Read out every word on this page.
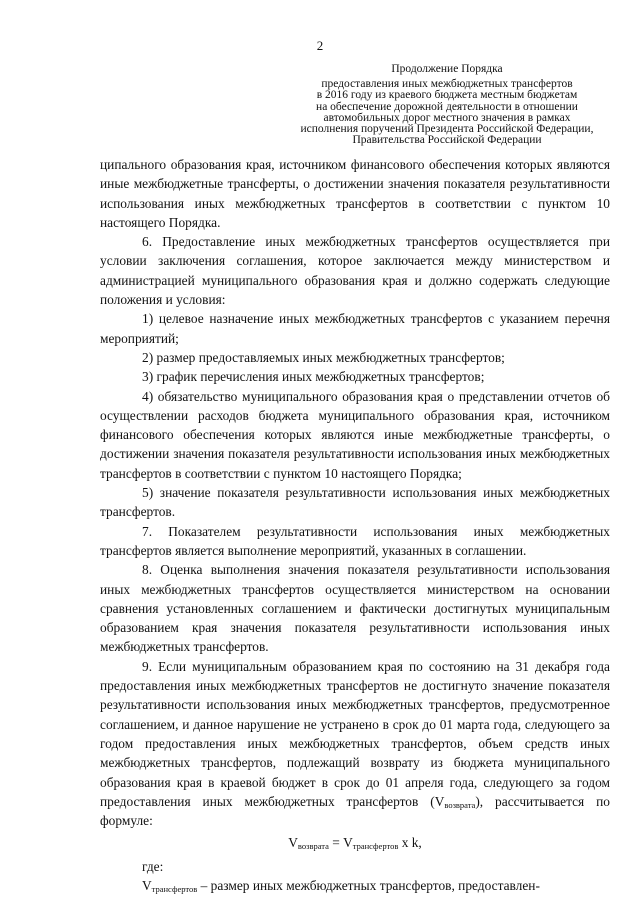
2
Продолжение Порядка
предоставления иных межбюджетных трансфертов
в 2016 году из краевого бюджета местным бюджетам
на обеспечение дорожной деятельности в отношении
автомобильных дорог местного значения в рамках
исполнения поручений Президента Российской Федерации,
Правительства Российской Федерации

ципального образования края, источником финансового обеспечения которых являются иные межбюджетные трансферты, о достижении значения показателя результативности использования иных межбюджетных трансфертов в соответствии с пунктом 10 настоящего Порядка.

6. Предоставление иных межбюджетных трансфертов осуществляется при условии заключения соглашения, которое заключается между министерством и администрацией муниципального образования края и должно содержать следующие положения и условия:

1) целевое назначение иных межбюджетных трансфертов с указанием перечня мероприятий;

2) размер предоставляемых иных межбюджетных трансфертов;

3) график перечисления иных межбюджетных трансфертов;

4) обязательство муниципального образования края о представлении отчетов об осуществлении расходов бюджета муниципального образования края, источником финансового обеспечения которых являются иные межбюджетные трансферты, о достижении значения показателя результативности использования иных межбюджетных трансфертов в соответствии с пунктом 10 настоящего Порядка;

5) значение показателя результативности использования иных межбюджетных трансфертов.

7. Показателем результативности использования иных межбюджетных трансфертов является выполнение мероприятий, указанных в соглашении.

8. Оценка выполнения значения показателя результативности использования иных межбюджетных трансфертов осуществляется министерством на основании сравнения установленных соглашением и фактически достигнутых муниципальным образованием края значения показателя результативности использования иных межбюджетных трансфертов.

9. Если муниципальным образованием края по состоянию на 31 декабря года предоставления иных межбюджетных трансфертов не достигнуто значение показателя результативности использования иных межбюджетных трансфертов, предусмотренное соглашением, и данное нарушение не устранено в срок до 01 марта года, следующего за годом предоставления иных межбюджетных трансфертов, объем средств иных межбюджетных трансфертов, подлежащий возврату из бюджета муниципального образования края в краевой бюджет в срок до 01 апреля года, следующего за годом предоставления иных межбюджетных трансфертов $(V_{возврата})$, рассчитывается по формуле:

$V_{возврата} = V_{трансфертов}$ x k,

где:

$V_{трансфертов}$ – размер иных межбюджетных трансфертов, предоставлен-
